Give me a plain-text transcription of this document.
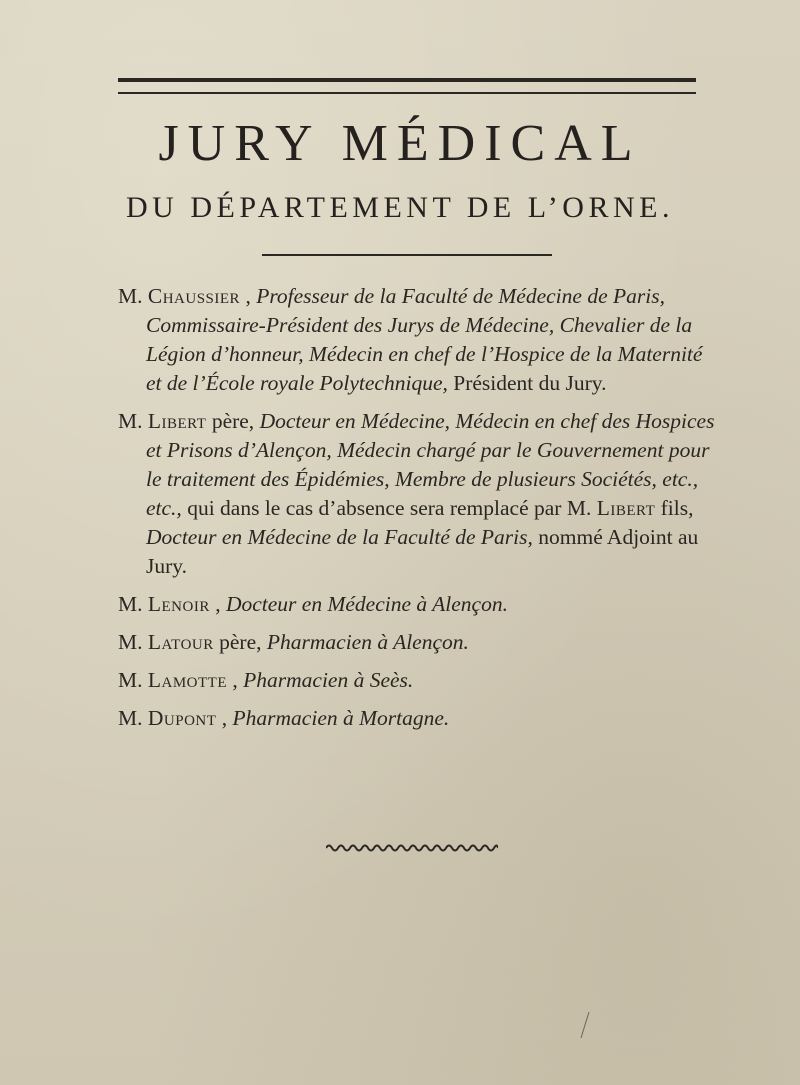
JURY MÉDICAL
DU DÉPARTEMENT DE L’ORNE.

M. Chaussier , Professeur de la Faculté de Médecine de Paris, Commissaire-Président des Jurys de Médecine, Chevalier de la Légion d’honneur, Médecin en chef de l’Hospice de la Maternité et de l’École royale Polytechnique, Président du Jury.

M. Libert père, Docteur en Médecine, Médecin en chef des Hospices et Prisons d’Alençon, Médecin chargé par le Gouvernement pour le traitement des Épidémies, Membre de plusieurs Sociétés, etc., etc., qui dans le cas d’absence sera remplacé par M. Libert fils, Docteur en Médecine de la Faculté de Paris, nommé Adjoint au Jury.

M. Lenoir , Docteur en Médecine à Alençon.

M. Latour père, Pharmacien à Alençon.

M. Lamotte , Pharmacien à Seès.

M. Dupont , Pharmacien à Mortagne.
